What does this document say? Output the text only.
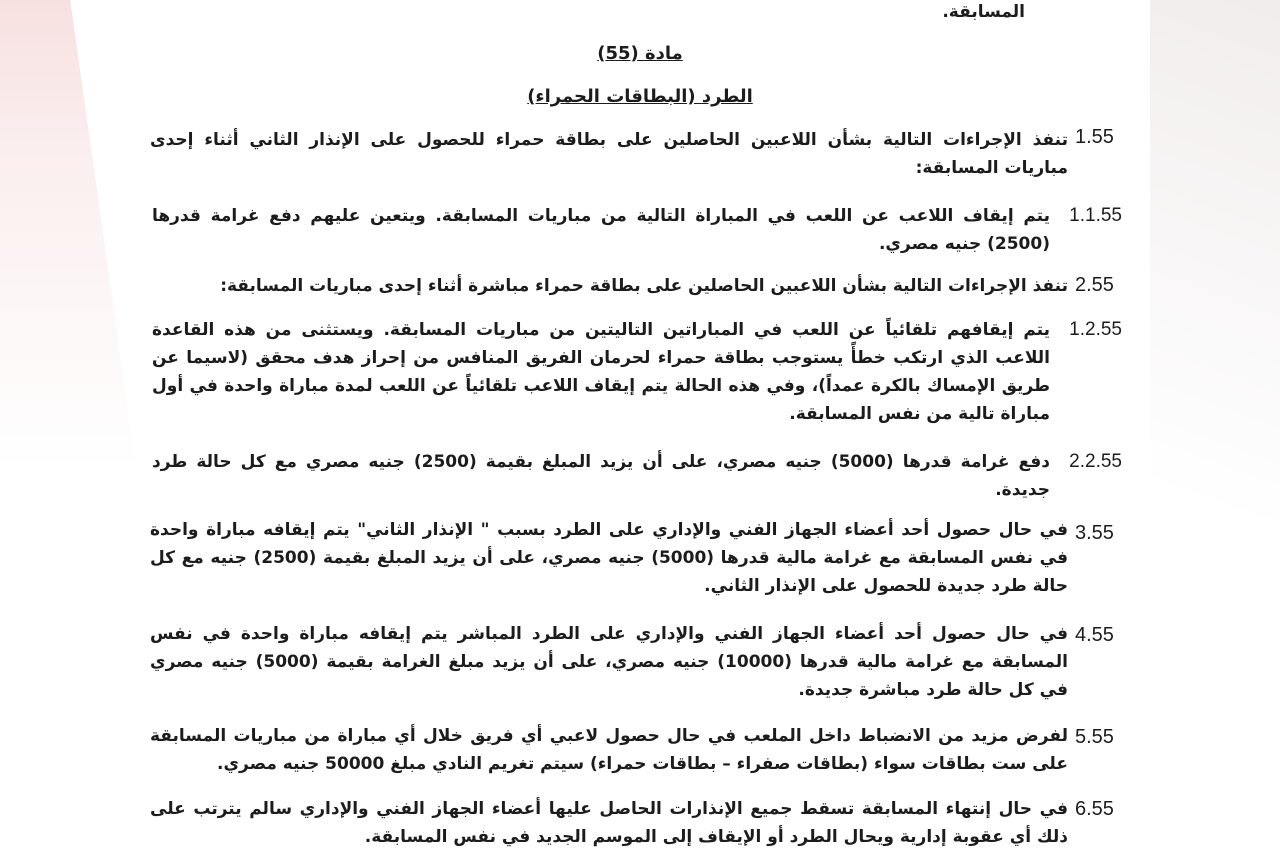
المسابقة.
مادة (55)
الطرد (البطاقات الحمراء)
1.55
تنفذ الإجراءات التالية بشأن اللاعبين الحاصلين على بطاقة حمراء للحصول على الإنذار الثاني أثناء إحدى مباريات المسابقة:
1.1.55
يتم إيقاف اللاعب عن اللعب في المباراة التالية من مباريات المسابقة. ويتعين عليهم دفع غرامة قدرها (2500) جنيه مصري.
2.55
تنفذ الإجراءات التالية بشأن اللاعبين الحاصلين على بطاقة حمراء مباشرة أثناء إحدى مباريات المسابقة:
1.2.55
يتم إيقافهم تلقائياً عن اللعب في المباراتين التاليتين من مباريات المسابقة. ويستثنى من هذه القاعدة اللاعب الذي ارتكب خطأً يستوجب بطاقة حمراء لحرمان الفريق المنافس من إحراز هدف محقق (لاسيما عن طريق الإمساك بالكرة عمداً)، وفي هذه الحالة يتم إيقاف اللاعب تلقائياً عن اللعب لمدة مباراة واحدة في أول مباراة تالية من نفس المسابقة.
2.2.55
دفع غرامة قدرها (5000) جنيه مصري، على أن يزيد المبلغ بقيمة (2500) جنيه مصري مع كل حالة طرد جديدة.
3.55
في حال حصول أحد أعضاء الجهاز الفني والإداري على الطرد بسبب " الإنذار الثاني" يتم إيقافه مباراة واحدة في نفس المسابقة مع غرامة مالية قدرها (5000) جنيه مصري، على أن يزيد المبلغ بقيمة (2500) جنيه مع كل حالة طرد جديدة للحصول على الإنذار الثاني.
4.55
في حال حصول أحد أعضاء الجهاز الفني والإداري على الطرد المباشر يتم إيقافه مباراة واحدة في نفس المسابقة مع غرامة مالية قدرها (10000) جنيه مصري، على أن يزيد مبلغ الغرامة بقيمة (5000) جنيه مصري في كل حالة طرد مباشرة جديدة.
5.55
لفرض مزيد من الانضباط داخل الملعب في حال حصول لاعبي أي فريق خلال أي مباراة من مباريات المسابقة على ست بطاقات سواء (بطاقات صفراء – بطاقات حمراء) سيتم تغريم النادي مبلغ 50000 جنيه مصري.
6.55
في حال إنتهاء المسابقة تسقط جميع الإنذارات الحاصل عليها أعضاء الجهاز الفني والإداري سالم يترتب على ذلك أي عقوبة إدارية ويحال الطرد أو الإيقاف إلى الموسم الجديد في نفس المسابقة.
